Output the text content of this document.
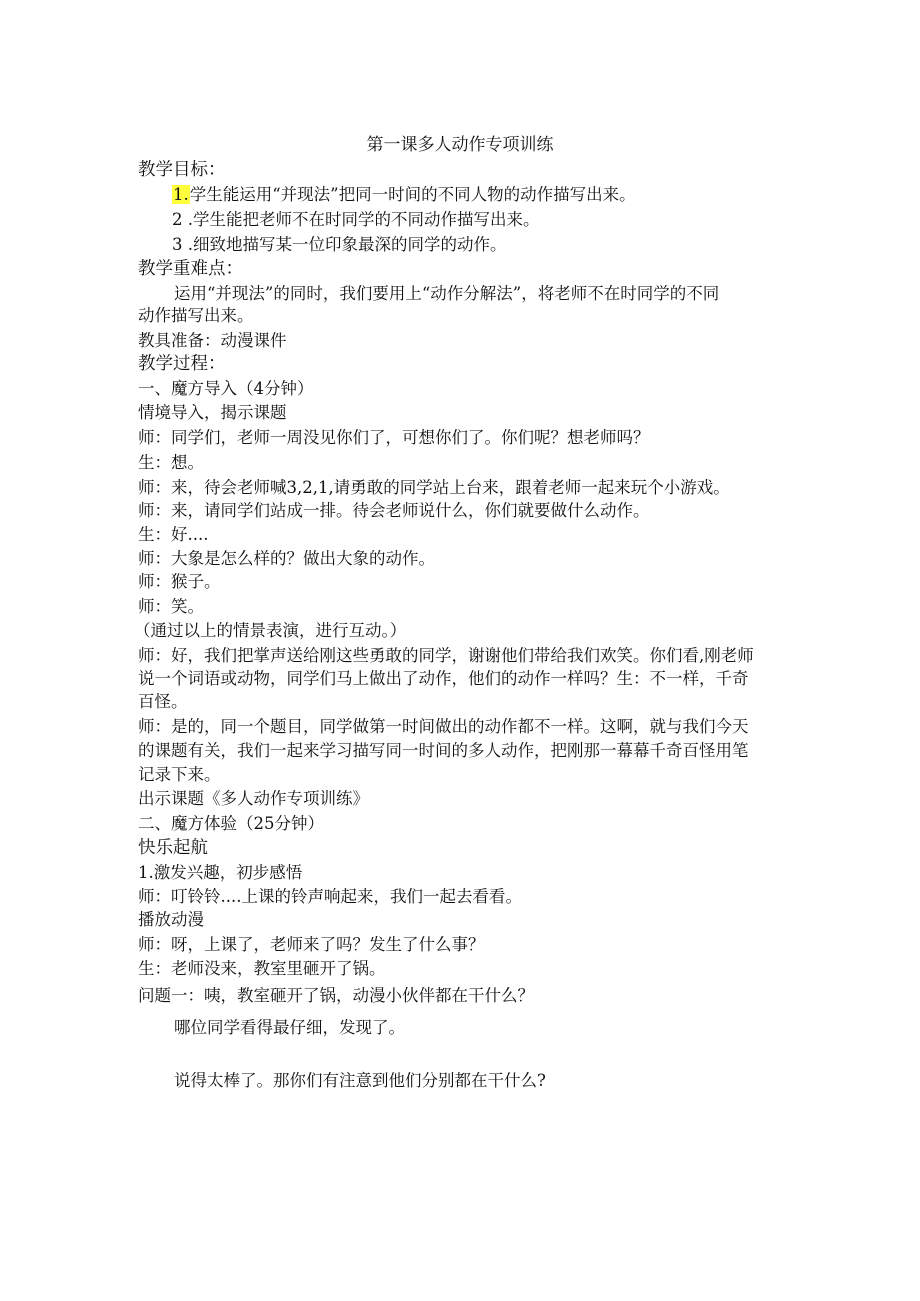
第一课多人动作专项训练
教学目标：
1.学生能运用“并现法”把同一时间的不同人物的动作描写出来。
2 .学生能把老师不在时同学的不同动作描写出来。
3 .细致地描写某一位印象最深的同学的动作。
教学重难点：
运用“并现法”的同时，我们要用上“动作分解法”，将老师不在时同学的不同
动作描写出来。
教具准备：动漫课件
教学过程：
一、魔方导入（4分钟）
情境导入，揭示课题
师：同学们，老师一周没见你们了，可想你们了。你们呢？想老师吗？
生：想。
师：来，待会老师喊3,2,1,请勇敢的同学站上台来，跟着老师一起来玩个小游戏。
师：来，请同学们站成一排。待会老师说什么，你们就要做什么动作。
生：好....
师：大象是怎么样的？做出大象的动作。
师：猴子。
师：笑。
（通过以上的情景表演，进行互动。）
师：好，我们把掌声送给刚这些勇敢的同学，谢谢他们带给我们欢笑。你们看,刚老师
说一个词语或动物，同学们马上做出了动作，他们的动作一样吗？生：不一样，千奇
百怪。
师：是的，同一个题目，同学做第一时间做出的动作都不一样。这啊，就与我们今天
的课题有关，我们一起来学习描写同一时间的多人动作，把刚那一幕幕千奇百怪用笔
记录下来。
出示课题《多人动作专项训练》
二、魔方体验（25分钟）
快乐起航
1.激发兴趣，初步感悟
师：叮铃铃....上课的铃声响起来，我们一起去看看。
播放动漫
师：呀，上课了，老师来了吗？发生了什么事？
生：老师没来，教室里砸开了锅。
问题一：咦，教室砸开了锅，动漫小伙伴都在干什么？
哪位同学看得最仔细，发现了。
说得太棒了。那你们有注意到他们分别都在干什么?
